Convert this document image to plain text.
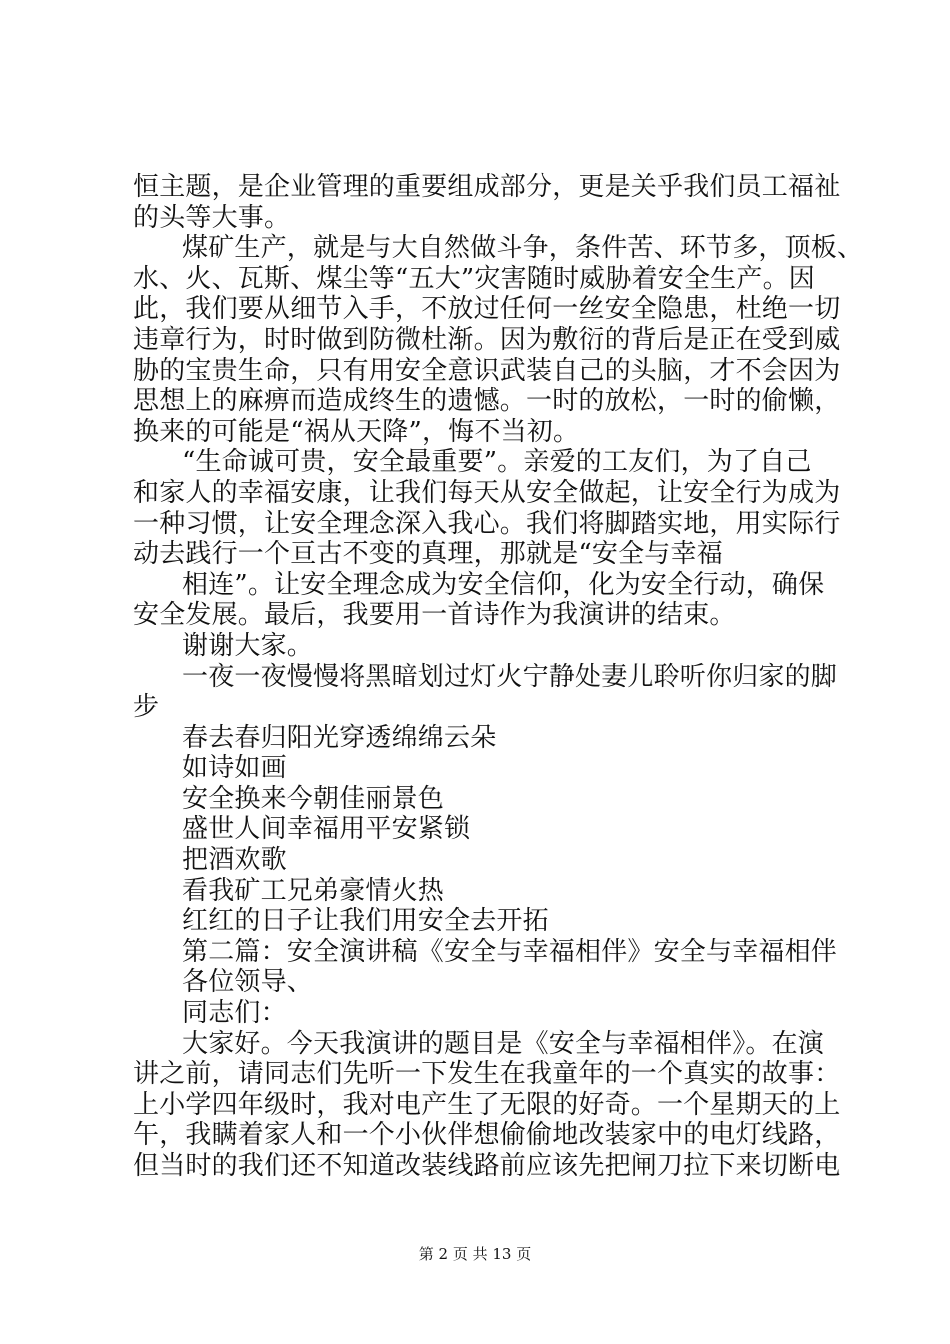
恒主题，是企业管理的重要组成部分，更是关乎我们员工福祉
的头等大事。
煤矿生产，就是与大自然做斗争，条件苦、环节多，顶板、
水、火、瓦斯、煤尘等“五大”灾害随时威胁着安全生产。因
此，我们要从细节入手，不放过任何一丝安全隐患，杜绝一切
违章行为，时时做到防微杜渐。因为敷衍的背后是正在受到威
胁的宝贵生命，只有用安全意识武装自己的头脑，才不会因为
思想上的麻痹而造成终生的遗憾。一时的放松，一时的偷懒，
换来的可能是“祸从天降”，悔不当初。
“生命诚可贵，安全最重要”。亲爱的工友们，为了自己
和家人的幸福安康，让我们每天从安全做起，让安全行为成为
一种习惯，让安全理念深入我心。我们将脚踏实地，用实际行
动去践行一个亘古不变的真理，那就是“安全与幸福
相连”。让安全理念成为安全信仰，化为安全行动，确保
安全发展。最后，我要用一首诗作为我演讲的结束。
谢谢大家。
一夜一夜慢慢将黑暗划过灯火宁静处妻儿聆听你归家的脚
步
春去春归阳光穿透绵绵云朵
如诗如画
安全换来今朝佳丽景色
盛世人间幸福用平安紧锁
把酒欢歌
看我矿工兄弟豪情火热
红红的日子让我们用安全去开拓
第二篇：安全演讲稿《安全与幸福相伴》安全与幸福相伴
各位领导、
同志们：
大家好。今天我演讲的题目是《安全与幸福相伴》。在演
讲之前，请同志们先听一下发生在我童年的一个真实的故事：
上小学四年级时，我对电产生了无限的好奇。一个星期天的上
午，我瞒着家人和一个小伙伴想偷偷地改装家中的电灯线路，
但当时的我们还不知道改装线路前应该先把闸刀拉下来切断电
第 2 页 共 13 页
